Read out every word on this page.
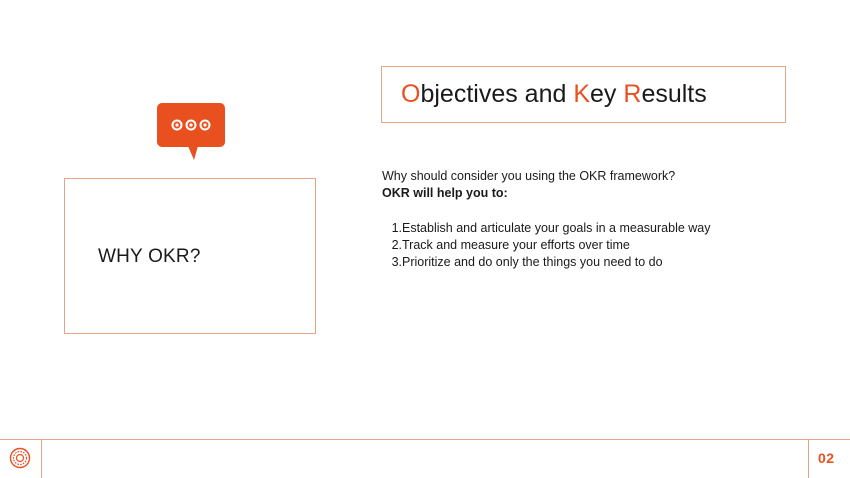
WHY OKR?
Objectives and Key Results
Why should consider you using the OKR framework?
OKR will help you to:
1.Establish and articulate your goals in a measurable way
2.Track and measure your efforts over time
3.Prioritize and do only the things you need to do
02
